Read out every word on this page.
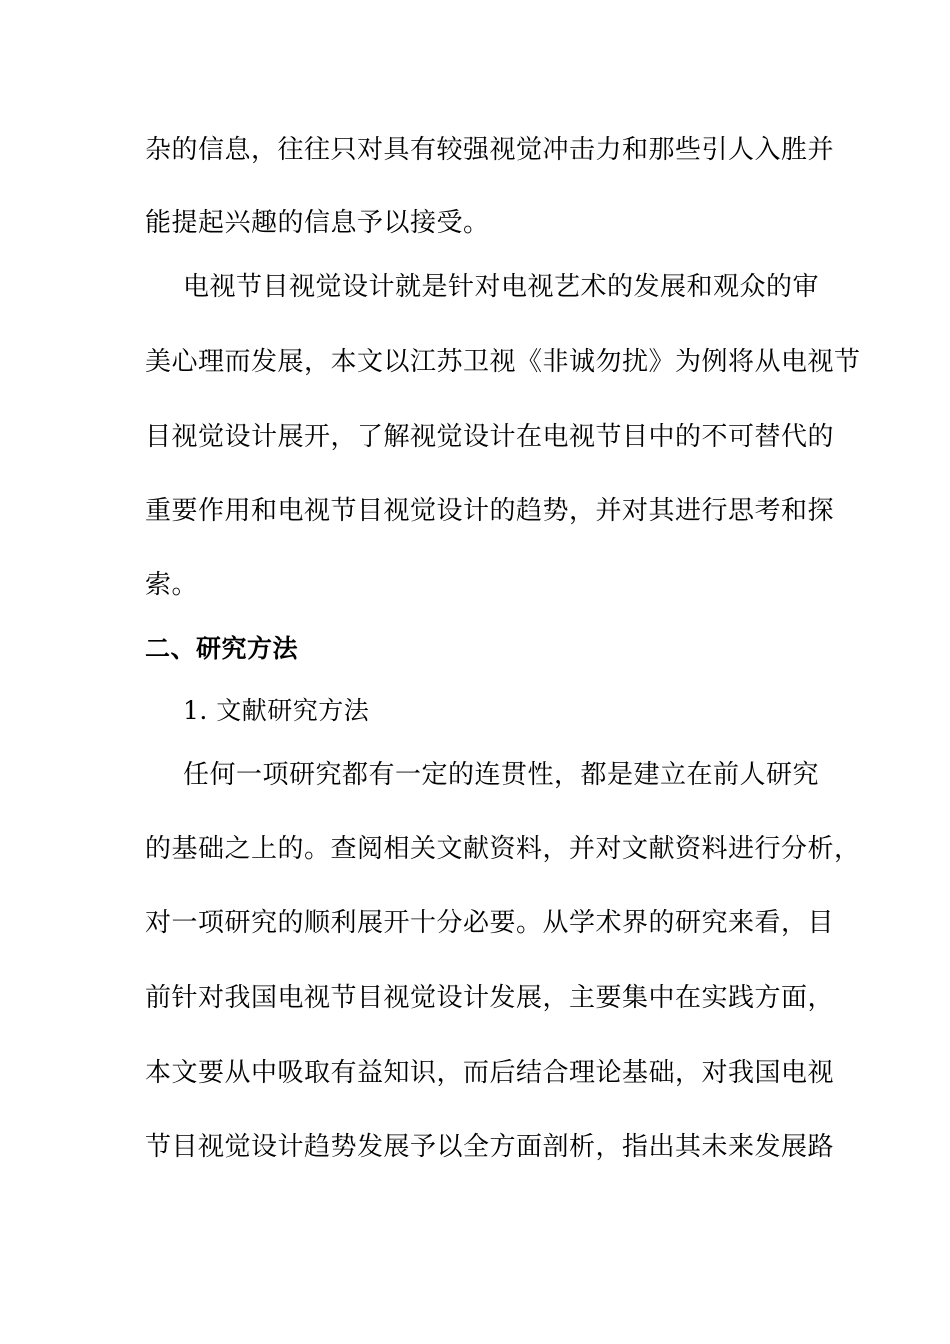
杂的信息，往往只对具有较强视觉冲击力和那些引人入胜并
能提起兴趣的信息予以接受。
电视节目视觉设计就是针对电视艺术的发展和观众的审
美心理而发展，本文以江苏卫视《非诚勿扰》为例将从电视节
目视觉设计展开，了解视觉设计在电视节目中的不可替代的
重要作用和电视节目视觉设计的趋势，并对其进行思考和探
索。
二、研究方法
1. 文献研究方法
任何一项研究都有一定的连贯性，都是建立在前人研究
的基础之上的。查阅相关文献资料，并对文献资料进行分析，
对一项研究的顺利展开十分必要。从学术界的研究来看，目
前针对我国电视节目视觉设计发展，主要集中在实践方面，
本文要从中吸取有益知识，而后结合理论基础，对我国电视
节目视觉设计趋势发展予以全方面剖析，指出其未来发展路
